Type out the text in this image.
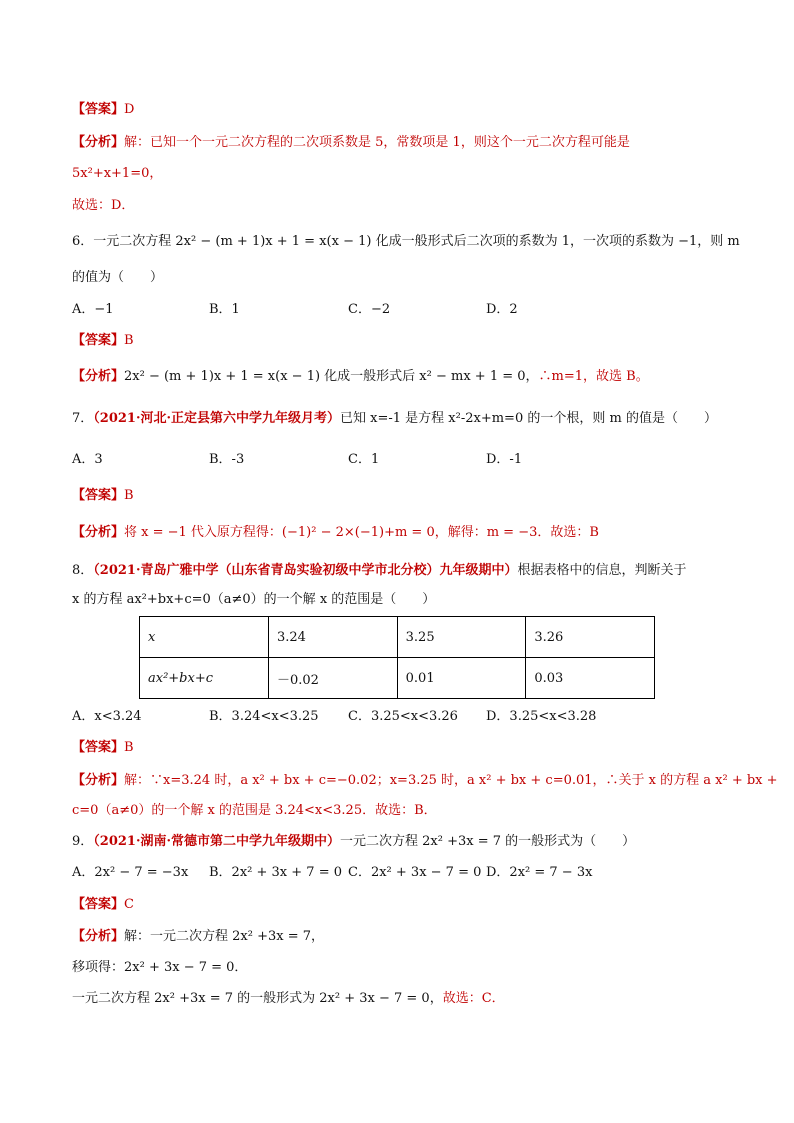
【答案】D
【分析】解：已知一个一元二次方程的二次项系数是 5，常数项是 1，则这个一元二次方程可能是
5x²+x+1=0，
故选：D．
6．一元二次方程 2x² − (m + 1)x + 1 = x(x − 1) 化成一般形式后二次项的系数为 1，一次项的系数为 −1，则 m
的值为（　　）
A．−1	B．1	C．−2	D．2
【答案】B
【分析】2x² − (m + 1)x + 1 = x(x − 1) 化成一般形式后 x² − mx + 1 = 0，∴m=1，故选 B。
7．（2021·河北·正定县第六中学九年级月考）已知 x=-1 是方程 x²-2x+m=0 的一个根，则 m 的值是（　　）
A．3	B．-3	C．1	D．-1
【答案】B
【分析】将 x = −1 代入原方程得：(−1)² − 2×(−1)+m = 0，解得：m = −3．故选：B
8．（2021·青岛广雅中学（山东省青岛实验初级中学市北分校）九年级期中）根据表格中的信息，判断关于
x 的方程 ax²+bx+c=0（a≠0）的一个解 x 的范围是（　　）
x	3.24	3.25	3.26
ax²+bx+c	－0.02	0.01	0.03
A．x<3.24	B．3.24<x<3.25 C．3.25<x<3.26 D．3.25<x<3.28
【答案】B
【分析】解：∵x=3.24 时，a x² + bx + c=−0.02；x=3.25 时，a x² + bx + c=0.01，∴关于 x 的方程 a x² + bx +
c=0（a≠0）的一个解 x 的范围是 3.24<x<3.25．故选：B．
9．（2021·湖南·常德市第二中学九年级期中）一元二次方程 2x² +3x = 7 的一般形式为（　　）
A．2x² − 7 = −3x B．2x² + 3x + 7 = 0 C．2x² + 3x − 7 = 0 D．2x² = 7 − 3x
【答案】C
【分析】解：一元二次方程 2x² +3x = 7，
移项得：2x² + 3x − 7 = 0．
一元二次方程 2x² +3x = 7 的一般形式为 2x² + 3x − 7 = 0，故选：C．
